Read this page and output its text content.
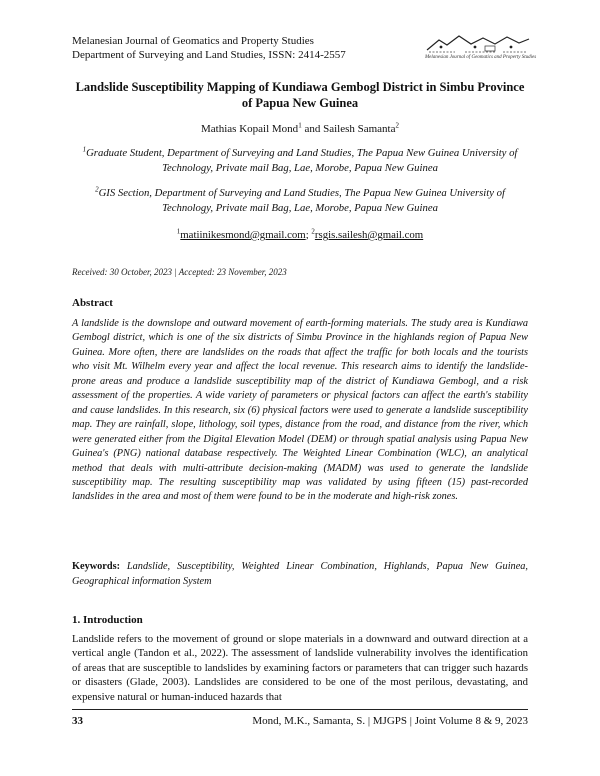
Melanesian Journal of Geomatics and Property Studies
Department of Surveying and Land Studies, ISSN: 2414-2557	Melanesian Journal of Geomatics and Property Studies
Landslide Susceptibility Mapping of Kundiawa Gembogl District in Simbu Province of Papua New Guinea
Mathias Kopail Mond$^1$ and Sailesh Samanta$^2$
$^1$Graduate Student, Department of Surveying and Land Studies, The Papua New Guinea University of Technology, Private mail Bag, Lae, Morobe, Papua New Guinea
$^2$GIS Section, Department of Surveying and Land Studies, The Papua New Guinea University of Technology, Private mail Bag, Lae, Morobe, Papua New Guinea
$^1$matiinikesmond@gmail.com; $^2$rsgis.sailesh@gmail.com
Received: 30 October, 2023 | Accepted: 23 November, 2023
Abstract
A landslide is the downslope and outward movement of earth-forming materials. The study area is Kundiawa Gembogl district, which is one of the six districts of Simbu Province in the highlands region of Papua New Guinea. More often, there are landslides on the roads that affect the traffic for both locals and the tourists who visit Mt. Wilhelm every year and affect the local revenue. This research aims to identify the landslide-prone areas and produce a landslide susceptibility map of the district of Kundiawa Gembogl, and a risk assessment of the properties. A wide variety of parameters or physical factors can affect the earth's stability and cause landslides. In this research, six (6) physical factors were used to generate a landslide susceptibility map. They are rainfall, slope, lithology, soil types, distance from the road, and distance from the river, which were generated either from the Digital Elevation Model (DEM) or through spatial analysis using Papua New Guinea's (PNG) national database respectively. The Weighted Linear Combination (WLC), an analytical method that deals with multi-attribute decision-making (MADM) was used to generate the landslide susceptibility map. The resulting susceptibility map was validated by using fifteen (15) past-recorded landslides in the area and most of them were found to be in the moderate and high-risk zones.
Keywords: Landslide, Susceptibility, Weighted Linear Combination, Highlands, Papua New Guinea, Geographical information System
1. Introduction
Landslide refers to the movement of ground or slope materials in a downward and outward direction at a vertical angle (Tandon et al., 2022). The assessment of landslide vulnerability involves the identification of areas that are susceptible to landslides by examining factors or parameters that can trigger such hazards or disasters (Glade, 2003). Landslides are considered to be one of the most perilous, devastating, and expensive natural or human-induced hazards that
33	Mond, M.K., Samanta, S. | MJGPS | Joint Volume 8 & 9, 2023
